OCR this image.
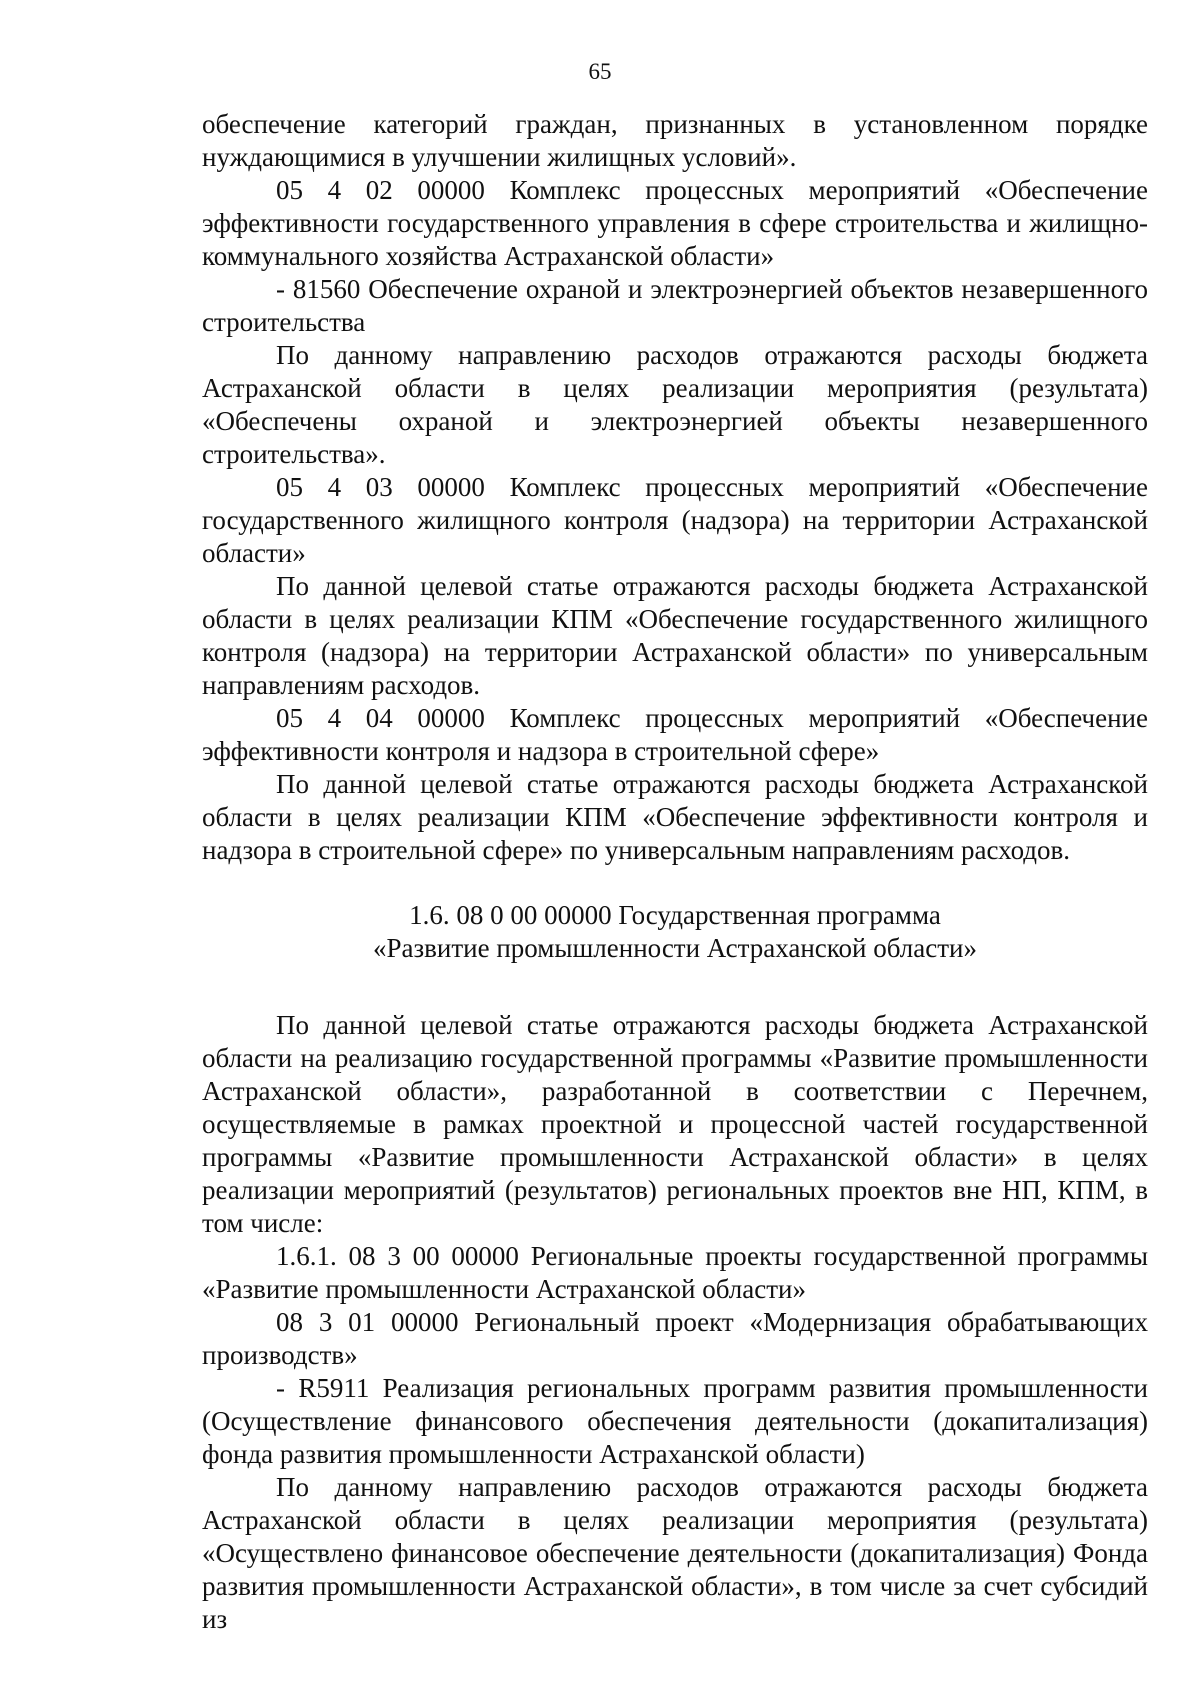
65

обеспечение категорий граждан, признанных в установленном порядке нуждающимися в улучшении жилищных условий».

05 4 02 00000 Комплекс процессных мероприятий «Обеспечение эффективности государственного управления в сфере строительства и жилищно-коммунального хозяйства Астраханской области»

- 81560 Обеспечение охраной и электроэнергией объектов незавершенного строительства

По данному направлению расходов отражаются расходы бюджета Астраханской области в целях реализации мероприятия (результата) «Обеспечены охраной и электроэнергией объекты незавершенного строительства».

05 4 03 00000 Комплекс процессных мероприятий «Обеспечение государственного жилищного контроля (надзора) на территории Астраханской области»

По данной целевой статье отражаются расходы бюджета Астраханской области в целях реализации КПМ «Обеспечение государственного жилищного контроля (надзора) на территории Астраханской области» по универсальным направлениям расходов.

05 4 04 00000 Комплекс процессных мероприятий «Обеспечение эффективности контроля и надзора в строительной сфере»

По данной целевой статье отражаются расходы бюджета Астраханской области в целях реализации КПМ «Обеспечение эффективности контроля и надзора в строительной сфере» по универсальным направлениям расходов.

1.6. 08 0 00 00000 Государственная программа
«Развитие промышленности Астраханской области»

По данной целевой статье отражаются расходы бюджета Астраханской области на реализацию государственной программы «Развитие промышленности Астраханской области», разработанной в соответствии с Перечнем, осуществляемые в рамках проектной и процессной частей государственной программы «Развитие промышленности Астраханской области» в целях реализации мероприятий (результатов) региональных проектов вне НП, КПМ, в том числе:

1.6.1. 08 3 00 00000 Региональные проекты государственной программы «Развитие промышленности Астраханской области»

08 3 01 00000 Региональный проект «Модернизация обрабатывающих производств»

- R5911 Реализация региональных программ развития промышленности (Осуществление финансового обеспечения деятельности (докапитализация) фонда развития промышленности Астраханской области)

По данному направлению расходов отражаются расходы бюджета Астраханской области в целях реализации мероприятия (результата) «Осуществлено финансовое обеспечение деятельности (докапитализация) Фонда развития промышленности Астраханской области», в том числе за счет субсидий из
